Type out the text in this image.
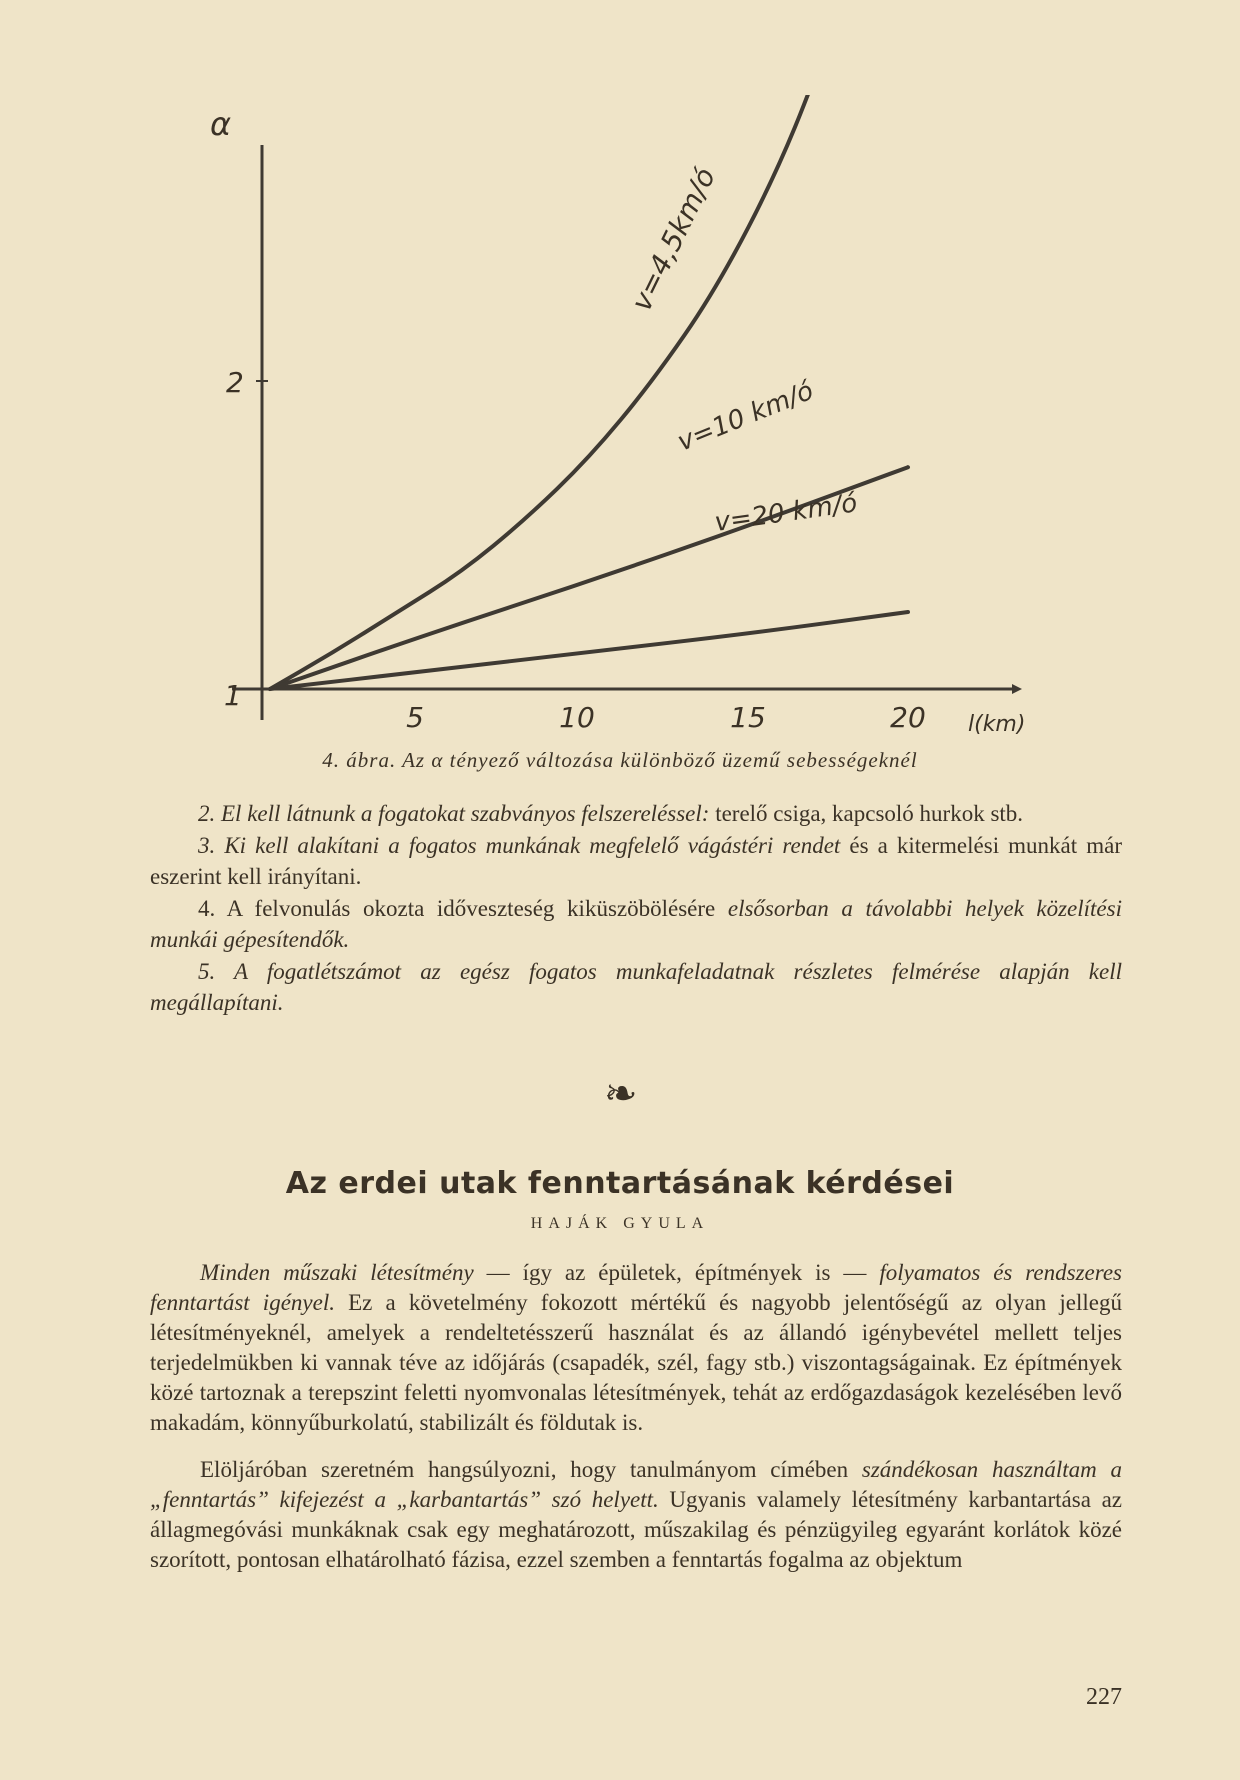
α
2
1
5	10	15	20 l(km)
v=4,5km/ó
v=10 km/ó
v=20 km/ó
4. ábra. Az α tényező változása különböző üzemű sebességeknél

2. El kell látnunk a fogatokat szabványos felszereléssel: terelő csiga, kapcsoló hurkok stb.

3. Ki kell alakítani a fogatos munkának megfelelő vágástéri rendet és a kitermelési munkát már eszerint kell irányítani.

4. A felvonulás okozta időveszteség kiküszöbölésére elsősorban a távolabbi helyek közelítési munkái gépesítendők.

5. A fogatlétszámot az egész fogatos munkafeladatnak részletes felmérése alapján kell megállapítani.

❧
Az erdei utak fenntartásának kérdései
HAJÁK GYULA

Minden műszaki létesítmény — így az épületek, építmények is — folyamatos és rendszeres fenntartást igényel. Ez a követelmény fokozott mértékű és nagyobb jelentőségű az olyan jellegű létesítményeknél, amelyek a rendeltetésszerű használat és az állandó igénybevétel mellett teljes terjedelmükben ki vannak téve az időjárás (csapadék, szél, fagy stb.) viszontagságainak. Ez építmények közé tartoznak a terepszint feletti nyomvonalas létesítmények, tehát az erdőgazdaságok kezelésében levő makadám, könnyűburkolatú, stabilizált és földutak is.

Elöljáróban szeretném hangsúlyozni, hogy tanulmányom címében szándékosan használtam a „fenntartás” kifejezést a „karbantartás” szó helyett. Ugyanis valamely létesítmény karbantartása az állagmegóvási munkáknak csak egy meghatározott, műszakilag és pénzügyileg egyaránt korlátok közé szorított, pontosan elhatárolható fázisa, ezzel szemben a fenntartás fogalma az objektum

227
